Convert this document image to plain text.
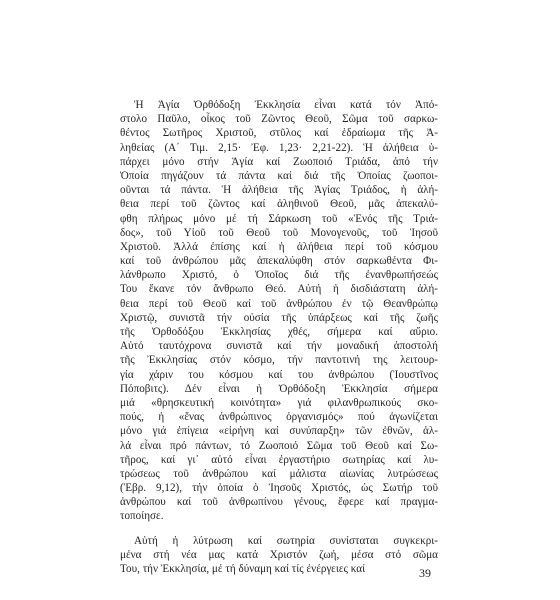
Ἡ Ἁγία Ὀρθόδοξη Ἐκκλησία εἶναι κατά τόν Ἀπό-
στολο Παῦλο, οἶκος τοῦ Ζῶντος Θεοῦ, Σῶμα τοῦ σαρκω-
θέντος Σωτῆρος Χριστοῦ, στῦλος καί ἑδραίωμα τῆς Ἀ-
ληθείας (Α΄ Τιμ. 2,15· Ἐφ. 1,23· 2,21-22). Ἡ ἀλήθεια ὑ-
πάρχει μόνο στήν Ἁγία καί Ζωοποιό Τριάδα, ἀπό τήν
Ὁποία πηγάζουν τά πάντα καί διά τῆς Ὁποίας ζωοποι-
οῦνται τά πάντα. Ἡ ἀλήθεια τῆς Ἁγίας Τριάδος, ἡ ἀλή-
θεια περί τοῦ ζῶντος καί ἀληθινοῦ Θεοῦ, μᾶς ἀπεκαλύ-
φθη πλήρως μόνο μέ τή Σάρκωση τοῦ «Ἑνός τῆς Τριά-
δος», τοῦ Υἱοῦ τοῦ Θεοῦ τοῦ Μονογενοῦς, τοῦ Ἰησοῦ
Χριστοῦ. Ἀλλά ἐπίσης καί ἡ ἀλήθεια περί τοῦ κόσμου
καί τοῦ ἀνθρώπου μᾶς ἀπεκαλύφθη στόν σαρκωθέντα Φι-
λάνθρωπο Χριστό, ὁ Ὁποῖος διά τῆς ἐνανθρωπήσεώς
Του ἔκανε τόν ἄνθρωπο Θεό. Αὐτή ἡ δισδιάστατη ἀλή-
θεια περί τοῦ Θεοῦ καί τοῦ ἀνθρώπου ἐν τῷ Θεανθρώπῳ
Χριστῷ, συνιστᾶ τήν οὐσία τῆς ὑπάρξεως καί τῆς ζωῆς
τῆς Ὀρθοδόξου Ἐκκλησίας χθές, σήμερα καί αὔριο.
Αὐτό ταυτόχρονα συνιστᾶ καί τήν μοναδική ἀποστολή
τῆς Ἐκκλησίας στόν κόσμο, τήν παντοτινή της λειτουρ-
γία χάριν του κόσμου καί του ἀνθρώπου (Ἰουστῖνος
Πόποβιτς). Δέν εἶναι ἡ Ὀρθόδοξη Ἐκκλησία σήμερα
μιά «θρησκευτική κοινότητα» γιά φιλανθρωπικούς σκο-
πούς, ἡ «ἕνας ἀνθρώπινος ὀργανισμός» πού ἀγωνίζεται
μόνο γιά ἐπίγεια «εἰρήνη καί συνύπαρξη» τῶν ἐθνῶν, ἀλ-
λά εἶναι πρό πάντων, τό Ζωοποιό Σῶμα τοῦ Θεοῦ καί Σω-
τῆρος, καί γι᾽ αὐτό εἶναι ἐργαστήριο σωτηρίας καί λυ-
τρώσεως τοῦ ἀνθρώπου καί μάλιστα αἰωνίας λυτρώσεως
(Ἑβρ. 9,12), τήν ὁποία ὁ Ἰησοῦς Χριστός, ὡς Σωτήρ τοῦ
ἀνθρώπου καί τοῦ ἀνθρωπίνου γένους, ἔφερε καί πραγμα-
τοποίησε.
Αὐτή ἡ λύτρωση καί σωτηρία συνίσταται συγκεκρι-
μένα στή νέα μας κατά Χριστόν ζωή, μέσα στό σῶμα
Του, τήν Ἐκκλησία, μέ τή δύναμη καί τίς ἐνέργειες καί	39
